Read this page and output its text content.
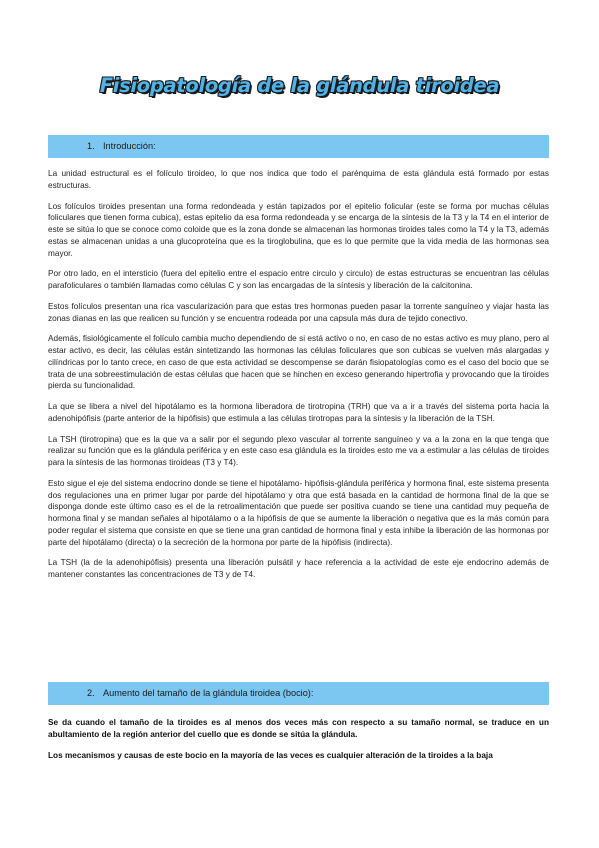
Fisiopatología de la glándula tiroidea
1. Introducción:

La unidad estructural es el folículo tiroideo, lo que nos indica que todo el parénquima de esta glándula está formado por estas estructuras.

Los folículos tiroides presentan una forma redondeada y están tapizados por el epitelio folicular (este se forma por muchas células foliculares que tienen forma cubica), estas epitelio da esa forma redondeada y se encarga de la síntesis de la T3 y la T4 en el interior de este se sitúa lo que se conoce como coloide que es la zona donde se almacenan las hormonas tiroides tales como la T4 y la T3, además estas se almacenan unidas a una glucoproteína que es la tiroglobulina, que es lo que permite que la vida media de las hormonas sea mayor.

Por otro lado, en el intersticio (fuera del epitelio entre el espacio entre circulo y circulo) de estas estructuras se encuentran las células parafoliculares o también llamadas como células C y son las encargadas de la síntesis y liberación de la calcitonina.

Estos folículos presentan una rica vascularización para que estas tres hormonas pueden pasar la torrente sanguíneo y viajar hasta las zonas dianas en las que realicen su función y se encuentra rodeada por una capsula más dura de tejido conectivo.

Además, fisiológicamente el folículo cambia mucho dependiendo de si está activo o no, en caso de no estas activo es muy plano, pero al estar activo, es decir, las células están sintetizando las hormonas las células foliculares que son cubicas se vuelven más alargadas y cilíndricas por lo tanto crece, en caso de que esta actividad se descompense se darán fisiopatologías como es el caso del bocio que se trata de una sobreestimulación de estas células que hacen que se hinchen en exceso generando hipertrofia y provocando que la tiroides pierda su funcionalidad.

La que se libera a nivel del hipotálamo es la hormona liberadora de tirotropina (TRH) que va a ir a través del sistema porta hacia la adenohipófisis (parte anterior de la hipófisis) que estimula a las células tirotropas para la síntesis y la liberación de la TSH.

La TSH (tirotropina) que es la que va a salir por el segundo plexo vascular al torrente sanguíneo y va a la zona en la que tenga que realizar su función que es la glándula periférica y en este caso esa glándula es la tiroides esto me va a estimular a las células de tiroides para la síntesis de las hormonas tiroideas (T3 y T4).

Esto sigue el eje del sistema endocrino donde se tiene el hipotálamo- hipófisis-glándula periférica y hormona final, este sistema presenta dos regulaciones una en primer lugar por parde del hipotálamo y otra que está basada en la cantidad de hormona final de la que se disponga donde este último caso es el de la retroalimentación que puede ser positiva cuando se tiene una cantidad muy pequeña de hormona final y se mandan señales al hipotálamo o a la hipófisis de que se aumente la liberación o negativa que es la más común para poder regular el sistema que consiste en que se tiene una gran cantidad de hormona final y esta inhibe la liberación de las hormonas por parte del hipotálamo (directa) o la secreción de la hormona por parte de la hipófisis (indirecta).

La TSH (la de la adenohipófisis) presenta una liberación pulsátil y hace referencia a la actividad de este eje endocrino además de mantener constantes las concentraciones de T3 y de T4.

2. Aumento del tamaño de la glándula tiroidea (bocio):

Se da cuando el tamaño de la tiroides es al menos dos veces más con respecto a su tamaño normal, se traduce en un abultamiento de la región anterior del cuello que es donde se sitúa la glándula.

Los mecanismos y causas de este bocio en la mayoría de las veces es cualquier alteración de la tiroides a la baja
